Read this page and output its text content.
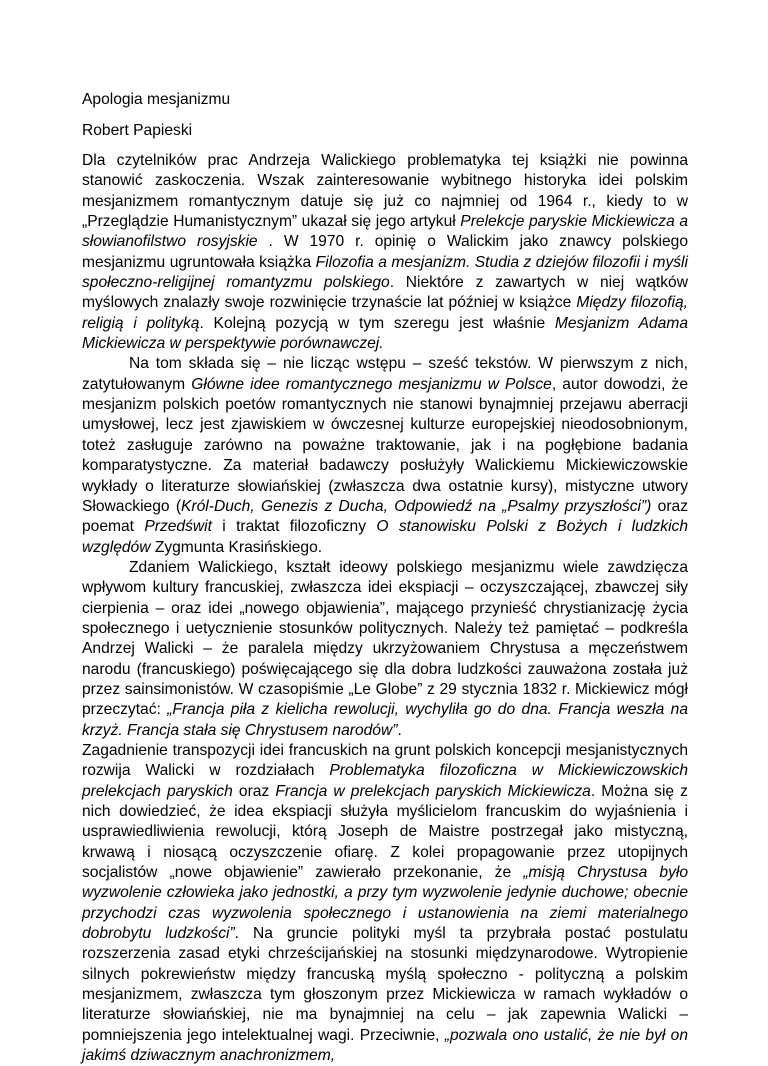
Apologia mesjanizmu
Robert Papieski

Dla czytelników prac Andrzeja Walickiego problematyka tej książki nie powinna stanowić zaskoczenia. Wszak zainteresowanie wybitnego historyka idei polskim mesjanizmem romantycznym datuje się już co najmniej od 1964 r., kiedy to w „Przeglądzie Humanistycznym” ukazał się jego artykuł Prelekcje paryskie Mickiewicza a słowianofilstwo rosyjskie . W 1970 r. opinię o Walickim jako znawcy polskiego mesjanizmu ugruntowała książka Filozofia a mesjanizm. Studia z dziejów filozofii i myśli społeczno-religijnej romantyzmu polskiego. Niektóre z zawartych w niej wątków myślowych znalazły swoje rozwinięcie trzynaście lat później w książce Między filozofią, religią i polityką. Kolejną pozycją w tym szeregu jest właśnie Mesjanizm Adama Mickiewicza w perspektywie porównawczej.

Na tom składa się – nie licząc wstępu – sześć tekstów. W pierwszym z nich, zatytułowanym Główne idee romantycznego mesjanizmu w Polsce, autor dowodzi, że mesjanizm polskich poetów romantycznych nie stanowi bynajmniej przejawu aberracji umysłowej, lecz jest zjawiskiem w ówczesnej kulturze europejskiej nieodosobnionym, toteż zasługuje zarówno na poważne traktowanie, jak i na pogłębione badania komparatystyczne. Za materiał badawczy posłużyły Walickiemu Mickiewiczowskie wykłady o literaturze słowiańskiej (zwłaszcza dwa ostatnie kursy), mistyczne utwory Słowackiego (Król-Duch, Genezis z Ducha, Odpowiedź na „Psalmy przyszłości”) oraz poemat Przedświt i traktat filozoficzny O stanowisku Polski z Bożych i ludzkich względów Zygmunta Krasińskiego.

Zdaniem Walickiego, kształt ideowy polskiego mesjanizmu wiele zawdzięcza wpływom kultury francuskiej, zwłaszcza idei ekspiacji – oczyszczającej, zbawczej siły cierpienia – oraz idei „nowego objawienia”, mającego przynieść chrystianizację życia społecznego i uetycznienie stosunków politycznych. Należy też pamiętać – podkreśla Andrzej Walicki – że paralela między ukrzyżowaniem Chrystusa a męczeństwem narodu (francuskiego) poświęcającego się dla dobra ludzkości zauważona została już przez sainsimonistów. W czasopiśmie „Le Globe” z 29 stycznia 1832 r. Mickiewicz mógł przeczytać: „Francja piła z kielicha rewolucji, wychyliła go do dna. Francja weszła na krzyż. Francja stała się Chrystusem narodów”.

Zagadnienie transpozycji idei francuskich na grunt polskich koncepcji mesjanistycznych rozwija Walicki w rozdziałach Problematyka filozoficzna w Mickiewiczowskich prelekcjach paryskich oraz Francja w prelekcjach paryskich Mickiewicza. Można się z nich dowiedzieć, że idea ekspiacji służyła myślicielom francuskim do wyjaśnienia i usprawiedliwienia rewolucji, którą Joseph de Maistre postrzegał jako mistyczną, krwawą i niosącą oczyszczenie ofiarę. Z kolei propagowanie przez utopijnych socjalistów „nowe objawienie” zawierało przekonanie, że „misją Chrystusa było wyzwolenie człowieka jako jednostki, a przy tym wyzwolenie jedynie duchowe; obecnie przychodzi czas wyzwolenia społecznego i ustanowienia na ziemi materialnego dobrobytu ludzkości”. Na gruncie polityki myśl ta przybrała postać postulatu rozszerzenia zasad etyki chrześcijańskiej na stosunki międzynarodowe. Wytropienie silnych pokrewieństw między francuską myślą społeczno - polityczną a polskim mesjanizmem, zwłaszcza tym głoszonym przez Mickiewicza w ramach wykładów o literaturze słowiańskiej, nie ma bynajmniej na celu – jak zapewnia Walicki – pomniejszenia jego intelektualnej wagi. Przeciwnie, „pozwala ono ustalić, że nie był on jakimś dziwacznym anachronizmem,
